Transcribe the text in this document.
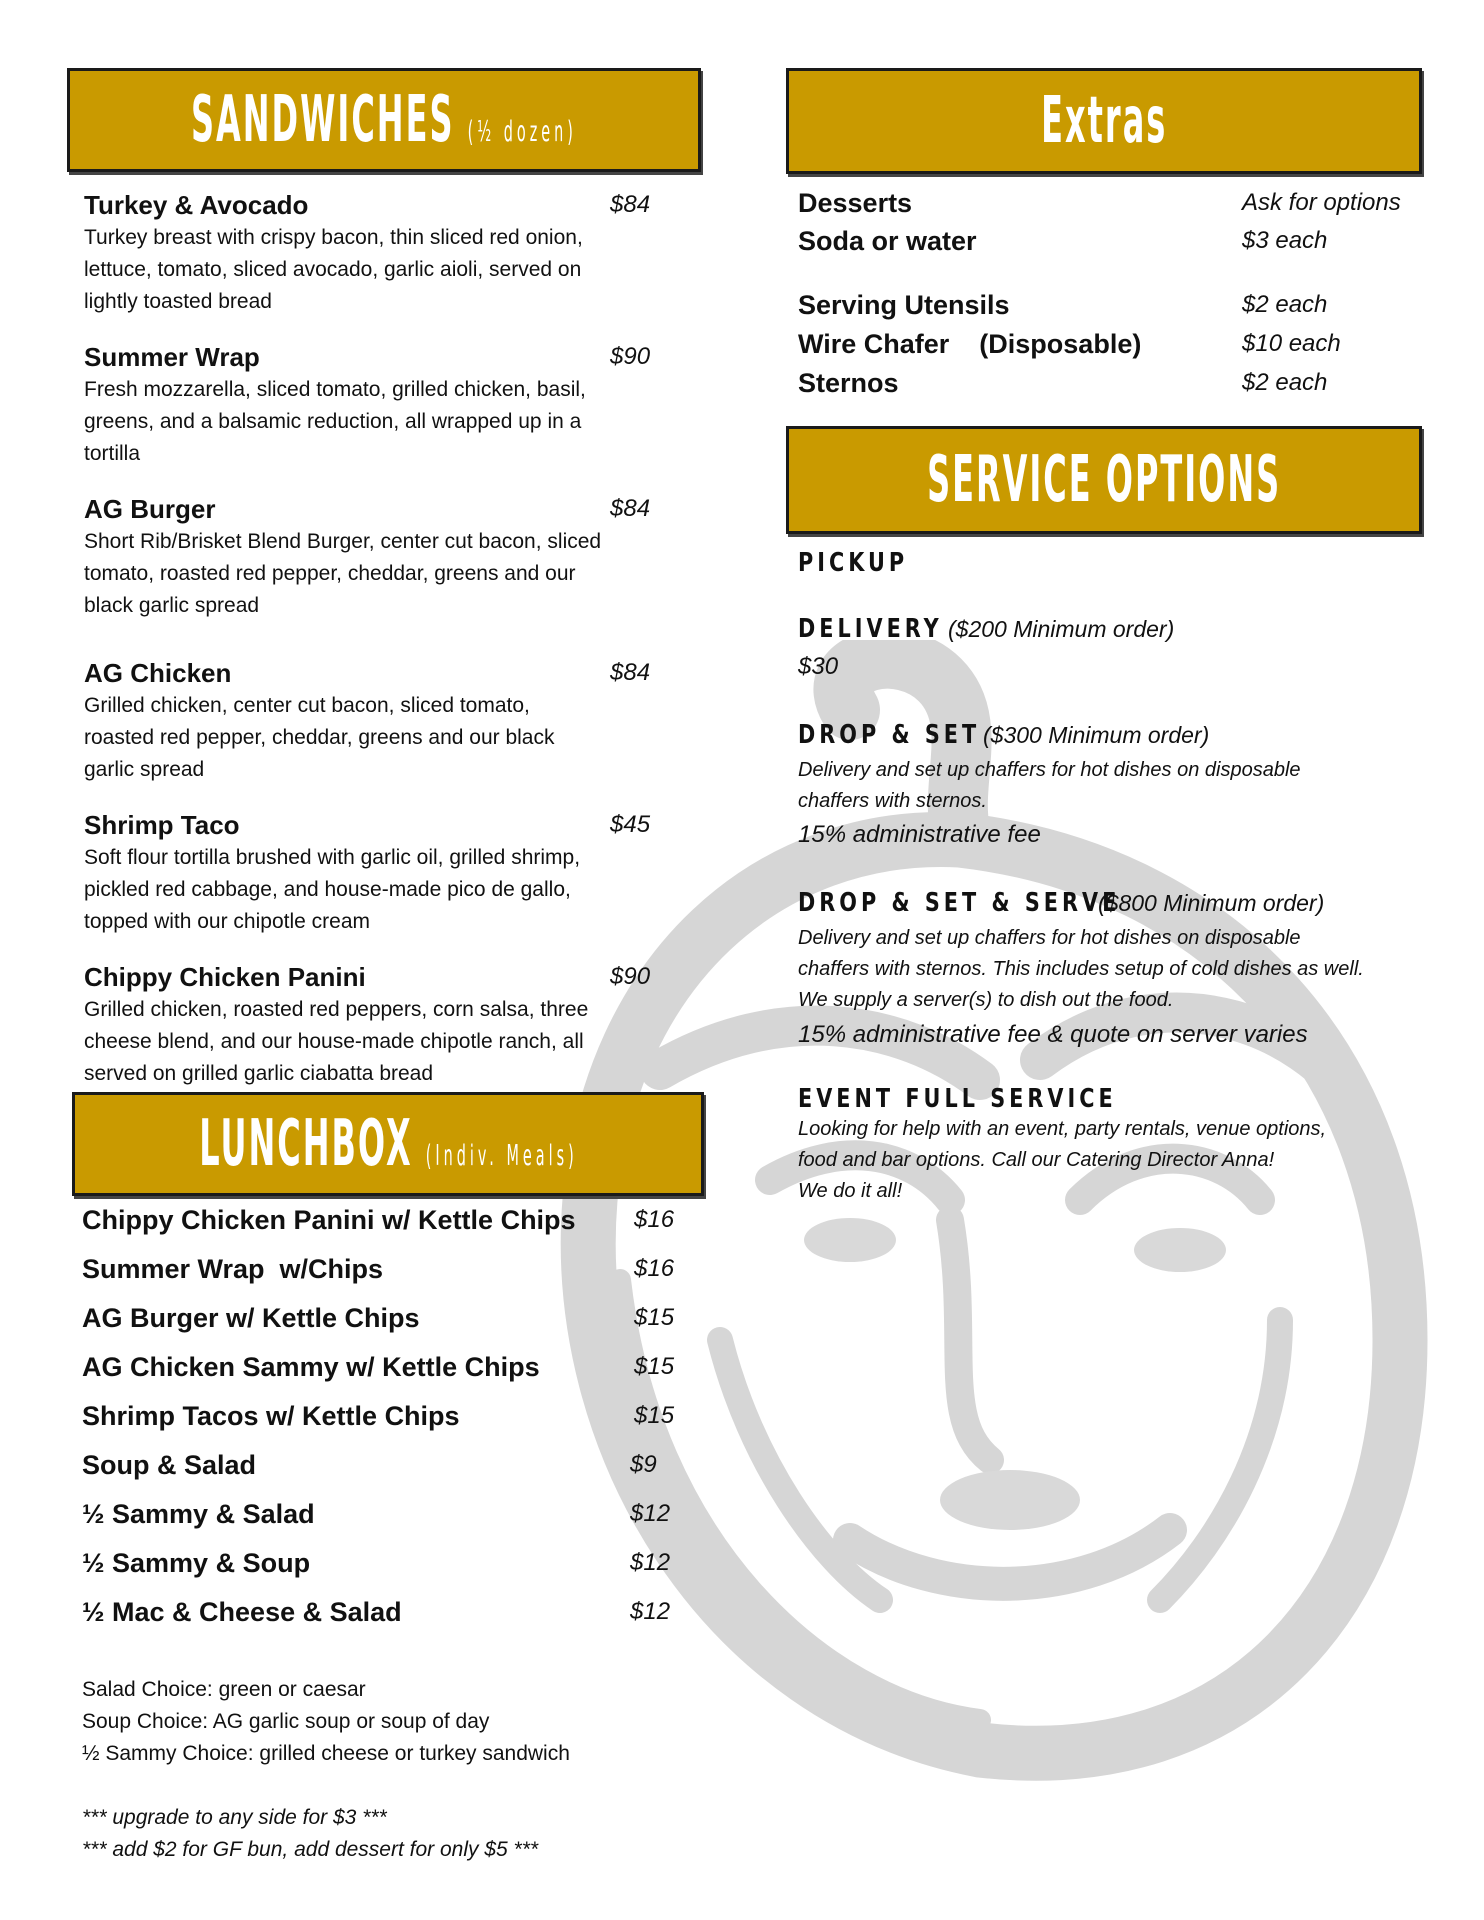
SANDWICHES (½ dozen)
Turkey & Avocado	$84
Turkey breast with crispy bacon, thin sliced red onion, lettuce, tomato, sliced avocado, garlic aioli, served on lightly toasted bread
Summer Wrap	$90
Fresh mozzarella, sliced tomato, grilled chicken, basil, greens, and a balsamic reduction, all wrapped up in a tortilla
AG Burger	$84
Short Rib/Brisket Blend Burger, center cut bacon, sliced tomato, roasted red pepper, cheddar, greens and our black garlic spread
AG Chicken	$84
Grilled chicken, center cut bacon, sliced tomato, roasted red pepper, cheddar, greens and our black garlic spread
Shrimp Taco	$45
Soft flour tortilla brushed with garlic oil, grilled shrimp, pickled red cabbage, and house-made pico de gallo, topped with our chipotle cream
Chippy Chicken Panini	$90
Grilled chicken, roasted red peppers, corn salsa, three cheese blend, and our house-made chipotle ranch, all served on grilled garlic ciabatta bread
LUNCHBOX (Indiv. Meals)
Chippy Chicken Panini w/ Kettle Chips $16
Summer Wrap  w/Chips	$16
AG Burger w/ Kettle Chips	$15
AG Chicken Sammy w/ Kettle Chips	$15
Shrimp Tacos w/ Kettle Chips	$15
Soup & Salad	$9
½ Sammy & Salad	$12
½ Sammy & Soup	$12
½ Mac & Cheese & Salad	$12
Salad Choice: green or caesar
Soup Choice: AG garlic soup or soup of day
½ Sammy Choice: grilled cheese or turkey sandwich
*** upgrade to any side for $3 ***
*** add $2 for GF bun, add dessert for only $5 ***
Extras
Desserts	Ask for options
Soda or water	$3 each
Serving Utensils	$2 each
Wire Chafer    (Disposable)	$10 each
Sternos	$2 each
SERVICE OPTIONS
PICKUP
DELIVERY ($200 Minimum order)
$30
DROP & SET ($300 Minimum order)
Delivery and set up chaffers for hot dishes on disposable
chaffers with sternos.
15% administrative fee
DROP & SET & SERVE
($800 Minimum order)
Delivery and set up chaffers for hot dishes on disposable
chaffers with sternos. This includes setup of cold dishes as well.
We supply a server(s) to dish out the food.
15% administrative fee & quote on server varies
EVENT FULL SERVICE
Looking for help with an event, party rentals, venue options,
food and bar options. Call our Catering Director Anna!
We do it all!
